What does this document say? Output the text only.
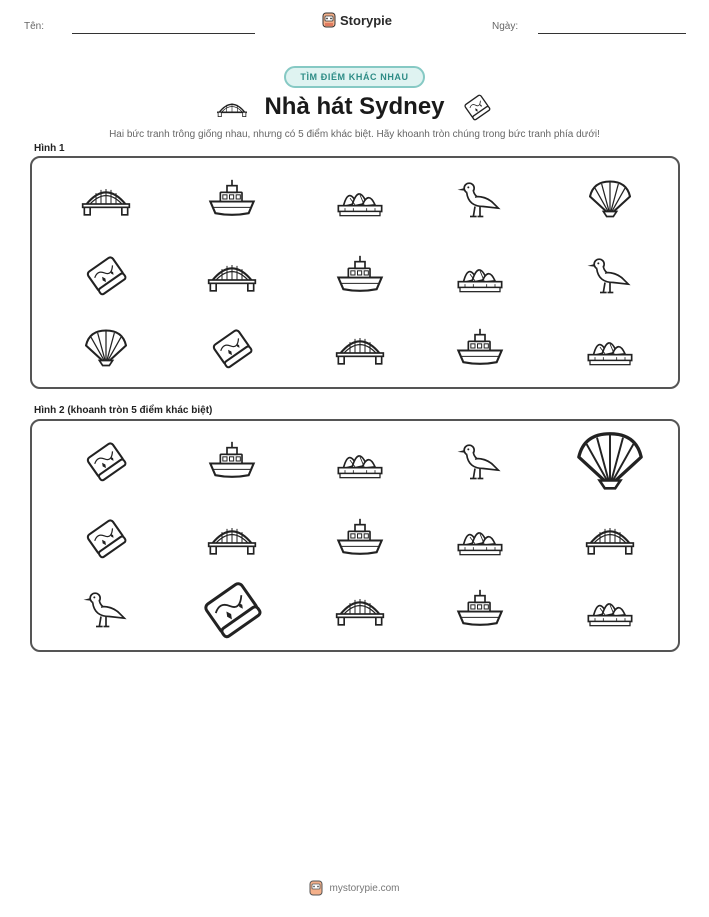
Tên:	Storypie	Ngày:
TÌM ĐIỂM KHÁC NHAU
Nhà hát Sydney
Hai bức tranh trông giống nhau, nhưng có 5 điểm khác biệt. Hãy khoanh tròn chúng trong bức tranh phía dưới!
Hình 1
Hình 2 (khoanh tròn 5 điểm khác biệt)
mystorypie.com
